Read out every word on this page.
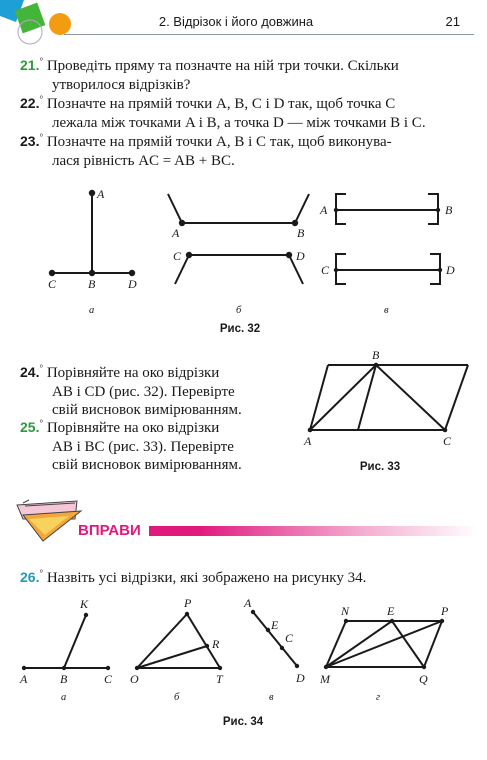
2. Відрізок і його довжина	21
21.° Проведіть пряму та позначте на ній три точки. Скільки
утворилося відрізків?
22.° Позначте на прямій точки A, B, C і D так, щоб точка C
лежала між точками A і B, а точка D — між точками B і C.
23.° Позначте на прямій точки A, B і C так, щоб виконува-
лася рівність AC = AB + BC.
A
C	B	D
а
A	B
C	D
б
A	B
C	D
в
Рис. 32
24.° Порівняйте на око відрізки
AB і CD (рис. 32). Перевірте
свій висновок вимірюванням.
25.° Порівняйте на око відрізки
AB і BC (рис. 33). Перевірте
свій висновок вимірюванням.
B
A	C
Рис. 33
ВПРАВИ
26.° Назвіть усі відрізки, які зображено на рисунку 34.
K
A	B	C
а
P
R
O	T
б
A
E
C
D
в
N	E	P
M	Q
г
Рис. 34
